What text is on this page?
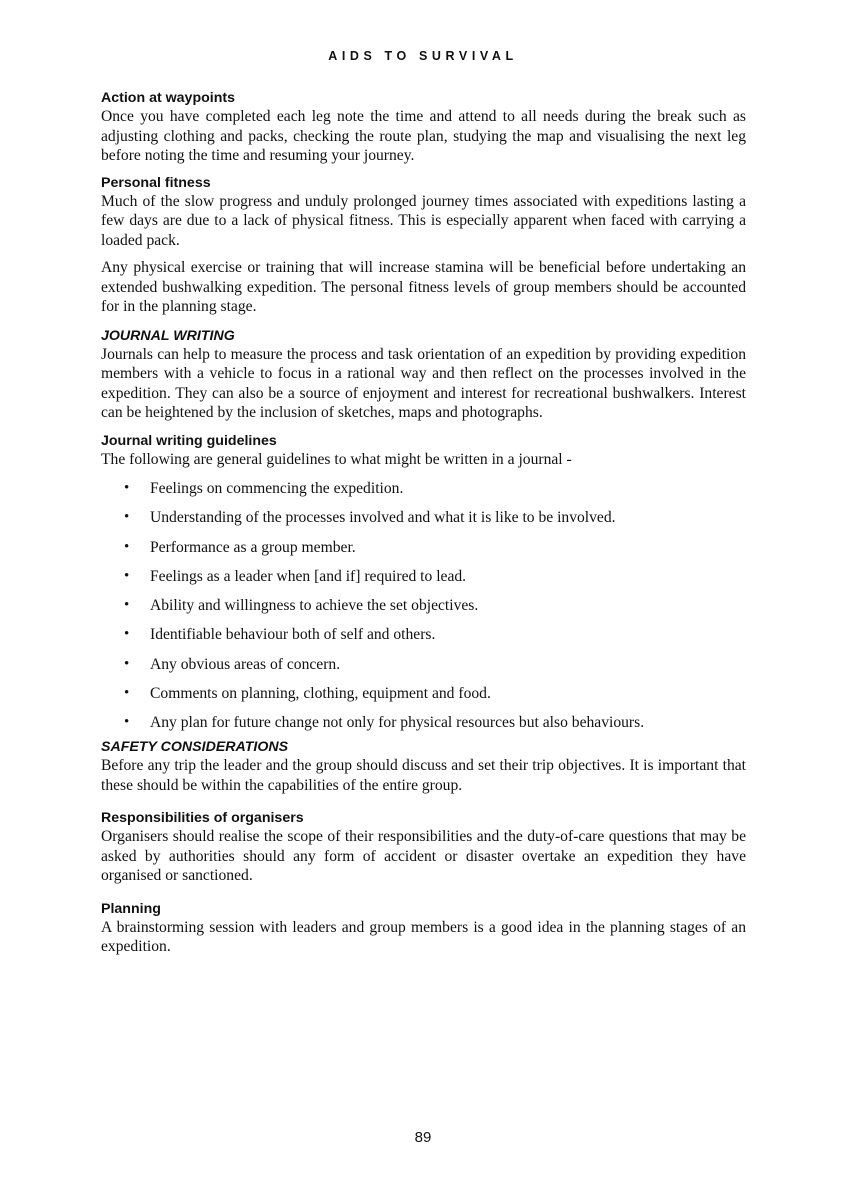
AIDS TO SURVIVAL
Action at waypoints

Once you have completed each leg note the time and attend to all needs during the break such as adjusting clothing and packs, checking the route plan, studying the map and visualising the next leg before noting the time and resuming your journey.

Personal fitness

Much of the slow progress and unduly prolonged journey times associated with expeditions lasting a few days are due to a lack of physical fitness. This is especially apparent when faced with carrying a loaded pack.

Any physical exercise or training that will increase stamina will be beneficial before undertaking an extended bushwalking expedition. The personal fitness levels of group members should be accounted for in the planning stage.

JOURNAL WRITING

Journals can help to measure the process and task orientation of an expedition by providing expedition members with a vehicle to focus in a rational way and then reflect on the processes involved in the expedition. They can also be a source of enjoyment and interest for recreational bushwalkers. Interest can be heightened by the inclusion of sketches, maps and photographs.

Journal writing guidelines

The following are general guidelines to what might be written in a journal -

• Feelings on commencing the expedition.
• Understanding of the processes involved and what it is like to be involved.
• Performance as a group member.
• Feelings as a leader when [and if] required to lead.
• Ability and willingness to achieve the set objectives.
• Identifiable behaviour both of self and others.
• Any obvious areas of concern.
• Comments on planning, clothing, equipment and food.
• Any plan for future change not only for physical resources but also behaviours.
SAFETY CONSIDERATIONS

Before any trip the leader and the group should discuss and set their trip objectives. It is important that these should be within the capabilities of the entire group.

Responsibilities of organisers

Organisers should realise the scope of their responsibilities and the duty-of-care questions that may be asked by authorities should any form of accident or disaster overtake an expedition they have organised or sanctioned.

Planning

A brainstorming session with leaders and group members is a good idea in the planning stages of an expedition.

89
